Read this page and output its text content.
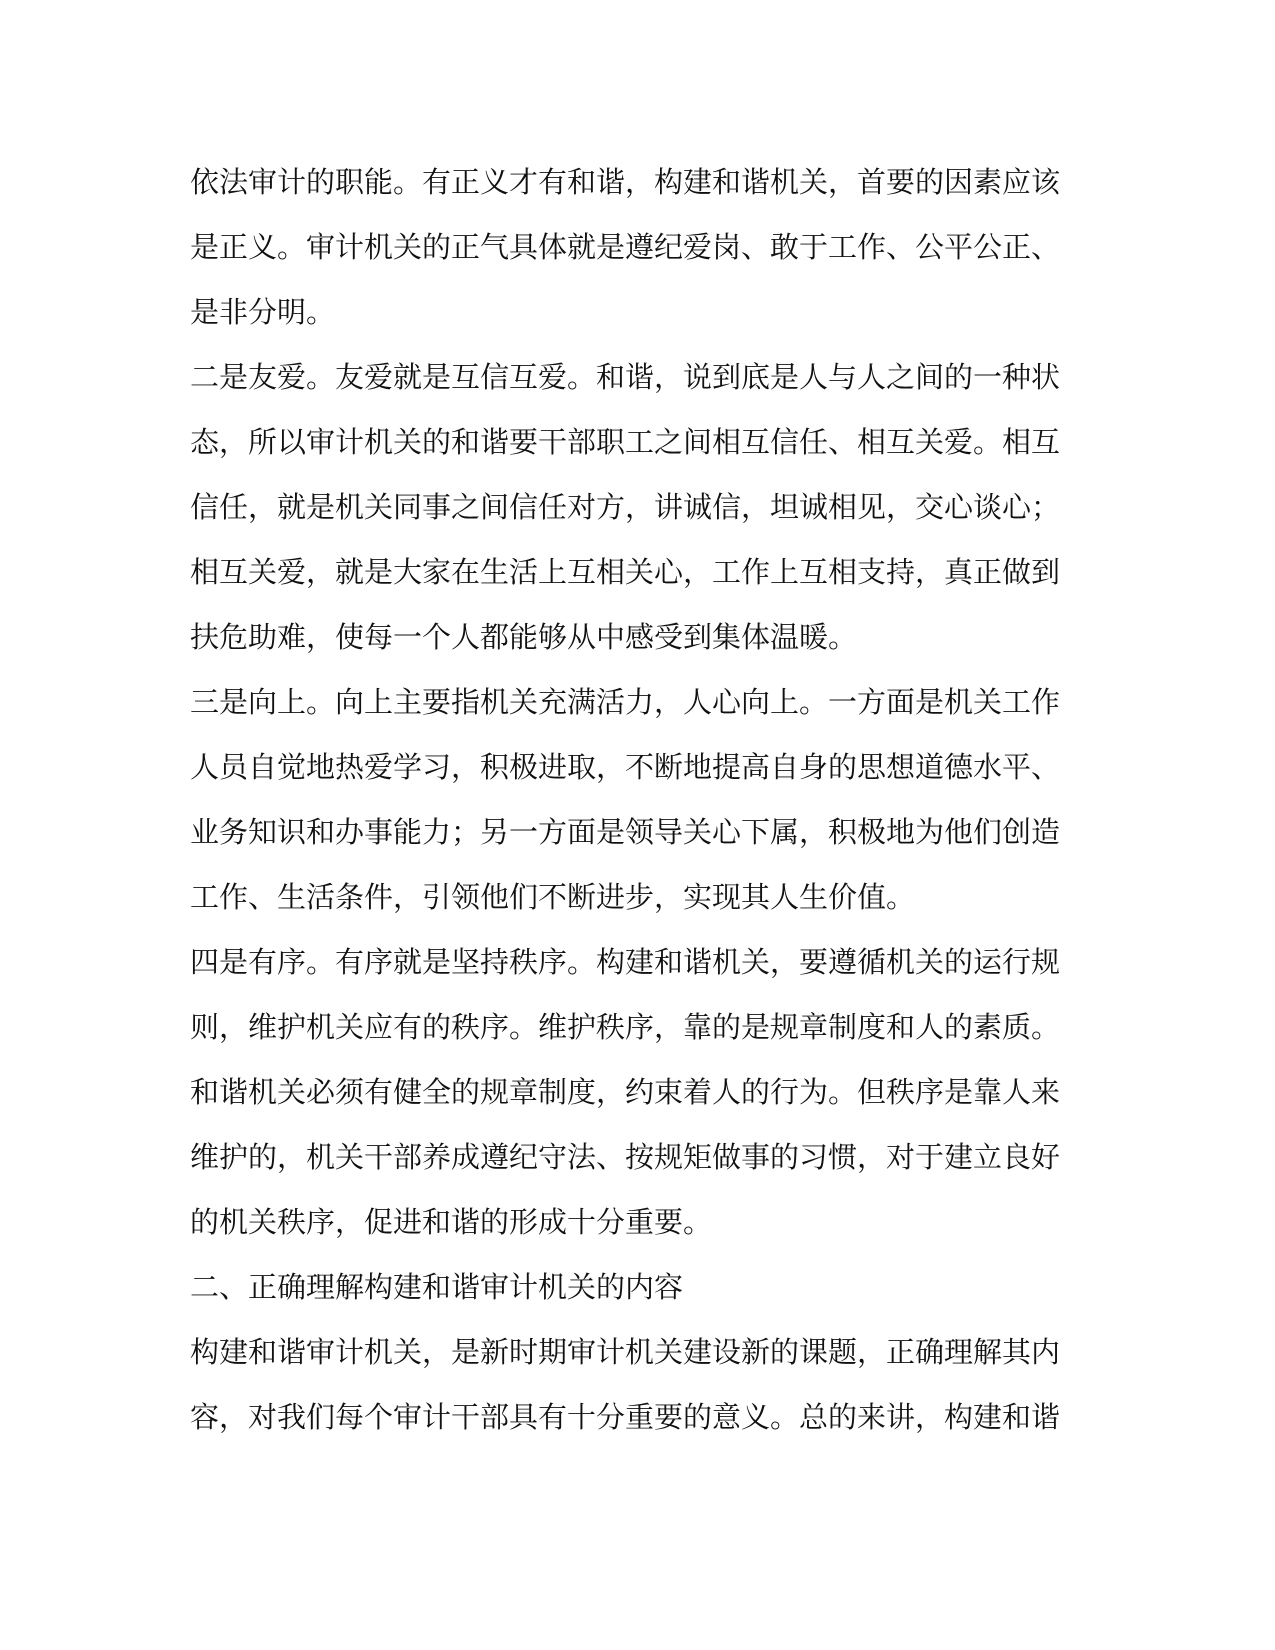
依法审计的职能。有正义才有和谐，构建和谐机关，首要的因素应该
是正义。审计机关的正气具体就是遵纪爱岗、敢于工作、公平公正、
是非分明。
二是友爱。友爱就是互信互爱。和谐，说到底是人与人之间的一种状
态，所以审计机关的和谐要干部职工之间相互信任、相互关爱。相互
信任，就是机关同事之间信任对方，讲诚信，坦诚相见，交心谈心；
相互关爱，就是大家在生活上互相关心，工作上互相支持，真正做到
扶危助难，使每一个人都能够从中感受到集体温暖。
三是向上。向上主要指机关充满活力，人心向上。一方面是机关工作
人员自觉地热爱学习，积极进取，不断地提高自身的思想道德水平、
业务知识和办事能力；另一方面是领导关心下属，积极地为他们创造
工作、生活条件，引领他们不断进步，实现其人生价值。
四是有序。有序就是坚持秩序。构建和谐机关，要遵循机关的运行规
则，维护机关应有的秩序。维护秩序，靠的是规章制度和人的素质。
和谐机关必须有健全的规章制度，约束着人的行为。但秩序是靠人来
维护的，机关干部养成遵纪守法、按规矩做事的习惯，对于建立良好
的机关秩序，促进和谐的形成十分重要。
二、正确理解构建和谐审计机关的内容
构建和谐审计机关，是新时期审计机关建设新的课题，正确理解其内
容，对我们每个审计干部具有十分重要的意义。总的来讲，构建和谐
